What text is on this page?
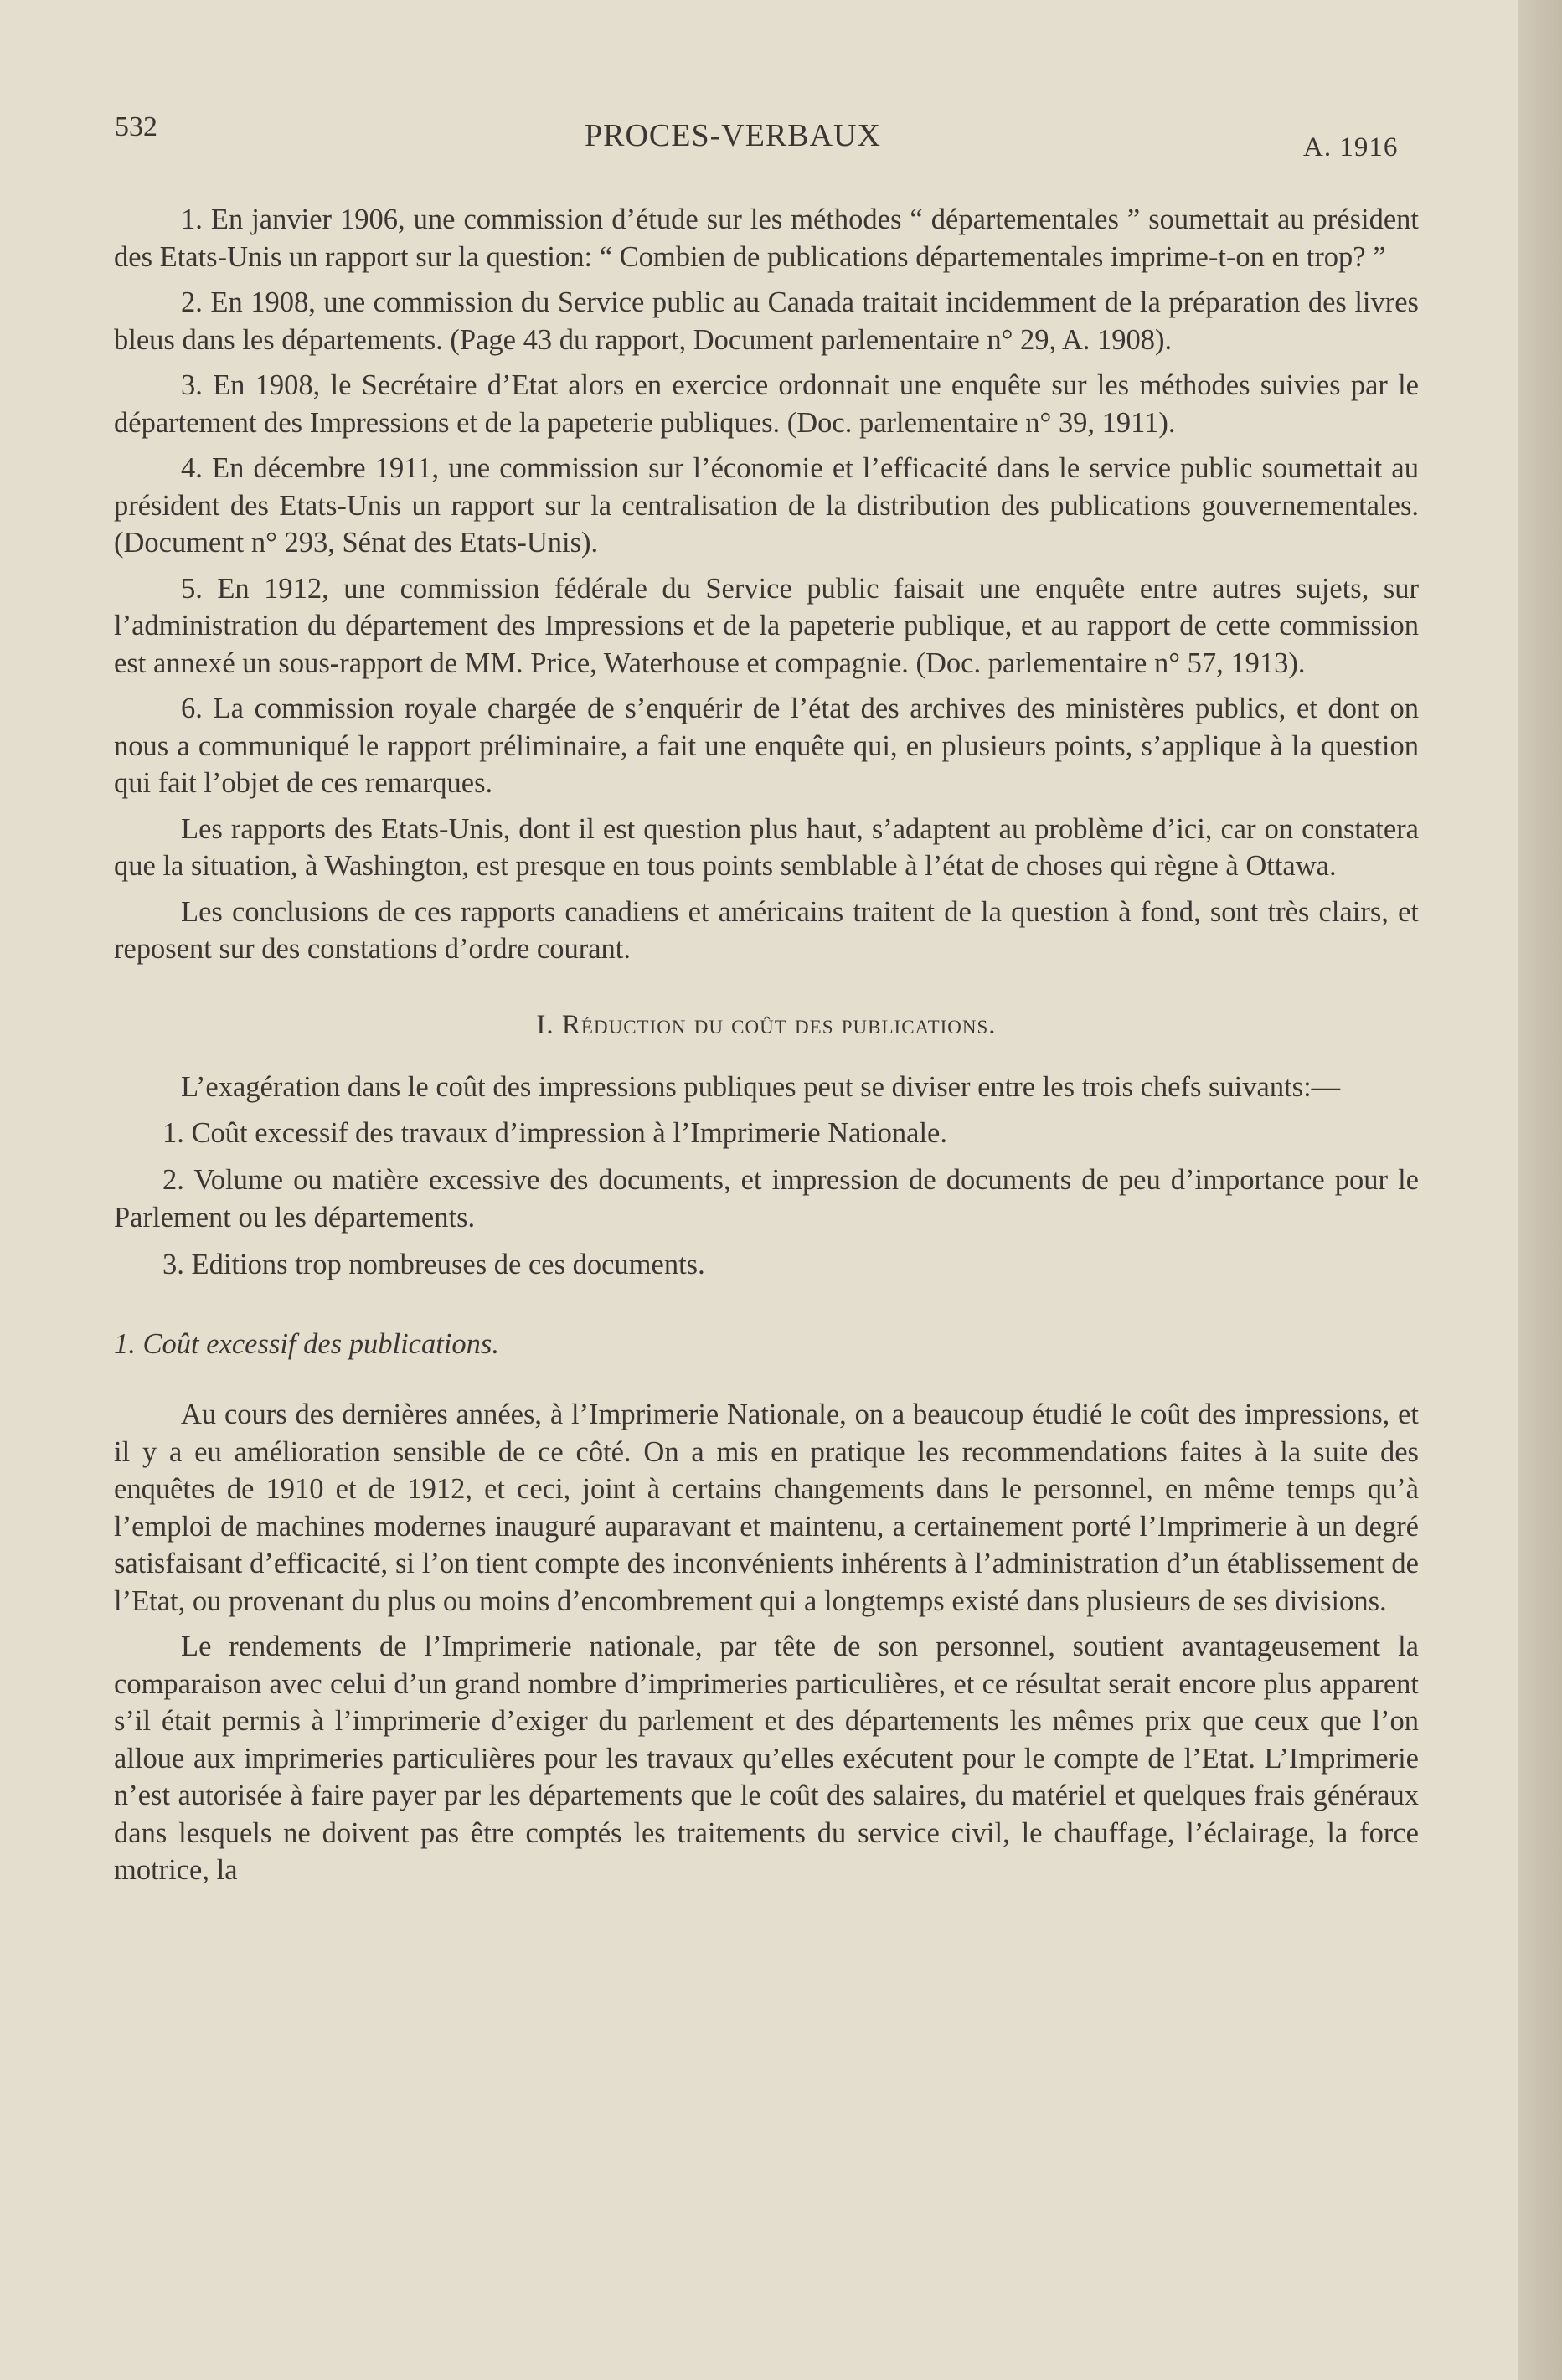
532	PROCES-VERBAUX	A. 1916

1. En janvier 1906, une commission d’étude sur les méthodes “ départementales ” soumettait au président des Etats-Unis un rapport sur la question: “ Combien de publications départementales imprime-t-on en trop? ”

2. En 1908, une commission du Service public au Canada traitait incidemment de la préparation des livres bleus dans les départements. (Page 43 du rapport, Document parlementaire n° 29, A. 1908).

3. En 1908, le Secrétaire d’Etat alors en exercice ordonnait une enquête sur les méthodes suivies par le département des Impressions et de la papeterie publiques. (Doc. parlementaire n° 39, 1911).

4. En décembre 1911, une commission sur l’économie et l’efficacité dans le service public soumettait au président des Etats-Unis un rapport sur la centralisation de la distribution des publications gouvernementales. (Document n° 293, Sénat des Etats-Unis).

5. En 1912, une commission fédérale du Service public faisait une enquête entre autres sujets, sur l’administration du département des Impressions et de la papeterie publique, et au rapport de cette commission est annexé un sous-rapport de MM. Price, Waterhouse et compagnie. (Doc. parlementaire n° 57, 1913).

6. La commission royale chargée de s’enquérir de l’état des archives des ministères publics, et dont on nous a communiqué le rapport préliminaire, a fait une enquête qui, en plusieurs points, s’applique à la question qui fait l’objet de ces remarques.

Les rapports des Etats-Unis, dont il est question plus haut, s’adaptent au problème d’ici, car on constatera que la situation, à Washington, est presque en tous points semblable à l’état de choses qui règne à Ottawa.

Les conclusions de ces rapports canadiens et américains traitent de la question à fond, sont très clairs, et reposent sur des constations d’ordre courant.

I. Réduction du coût des publications.

L’exagération dans le coût des impressions publiques peut se diviser entre les trois chefs suivants:—

1. Coût excessif des travaux d’impression à l’Imprimerie Nationale.

2. Volume ou matière excessive des documents, et impression de documents de peu d’importance pour le Parlement ou les départements.

3. Editions trop nombreuses de ces documents.

1. Coût excessif des publications.

Au cours des dernières années, à l’Imprimerie Nationale, on a beaucoup étudié le coût des impressions, et il y a eu amélioration sensible de ce côté. On a mis en pratique les recommendations faites à la suite des enquêtes de 1910 et de 1912, et ceci, joint à certains changements dans le personnel, en même temps qu’à l’emploi de machines modernes inauguré auparavant et maintenu, a certainement porté l’Imprimerie à un degré satisfaisant d’efficacité, si l’on tient compte des inconvénients inhérents à l’administration d’un établissement de l’Etat, ou provenant du plus ou moins d’encombrement qui a longtemps existé dans plusieurs de ses divisions.

Le rendements de l’Imprimerie nationale, par tête de son personnel, soutient avantageusement la comparaison avec celui d’un grand nombre d’imprimeries particulières, et ce résultat serait encore plus apparent s’il était permis à l’imprimerie d’exiger du parlement et des départements les mêmes prix que ceux que l’on alloue aux imprimeries particulières pour les travaux qu’elles exécutent pour le compte de l’Etat. L’Imprimerie n’est autorisée à faire payer par les départements que le coût des salaires, du matériel et quelques frais généraux dans lesquels ne doivent pas être comptés les traitements du service civil, le chauffage, l’éclairage, la force motrice, la
